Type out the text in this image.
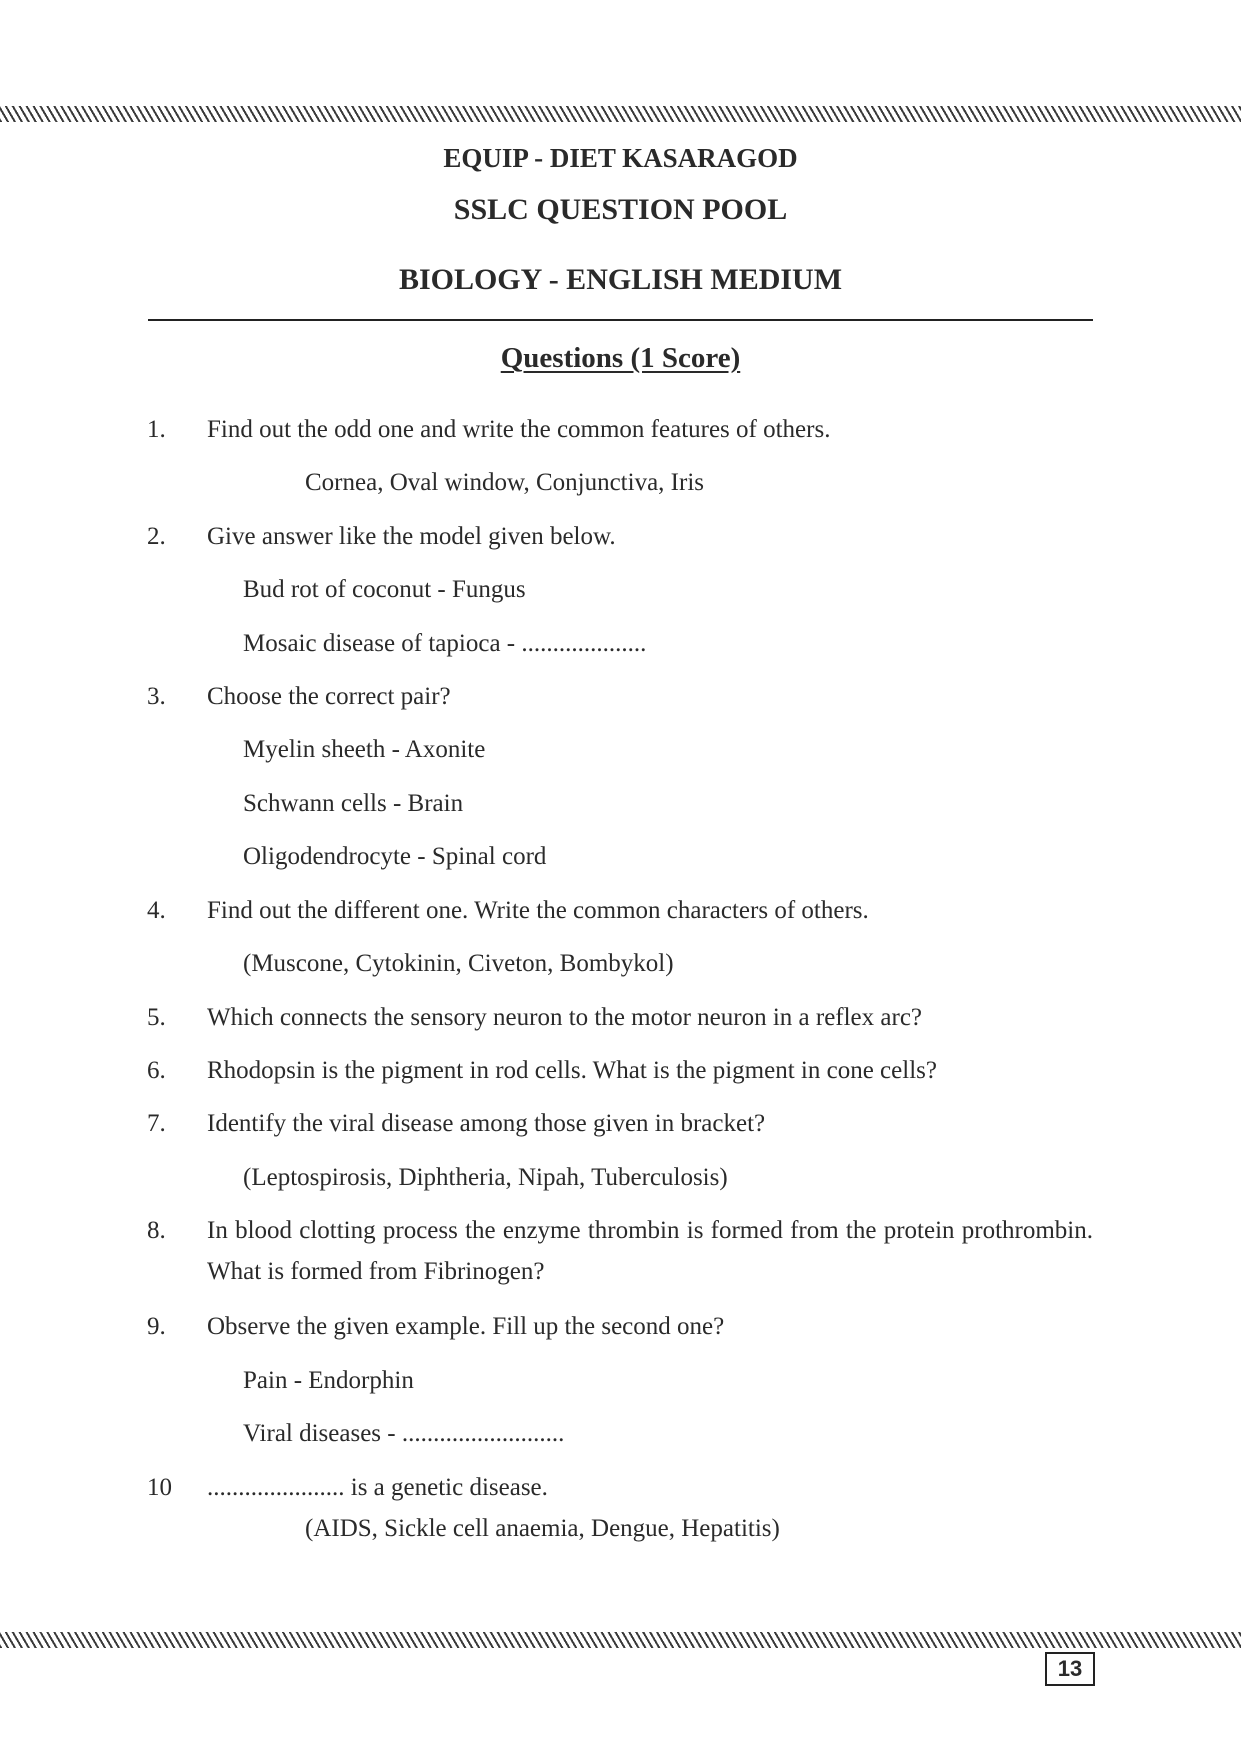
EQUIP - DIET KASARAGOD
SSLC QUESTION POOL
BIOLOGY - ENGLISH MEDIUM
Questions (1 Score)
1. Find out the odd one and write the common features of others.
Cornea, Oval window, Conjunctiva, Iris
2. Give answer like the model given below.
Bud rot of coconut - Fungus
Mosaic disease of tapioca - ....................
3. Choose the correct pair?
Myelin sheeth - Axonite
Schwann cells - Brain
Oligodendrocyte - Spinal cord
4. Find out the different one. Write the common characters of others.
(Muscone, Cytokinin, Civeton, Bombykol)
5. Which connects the sensory neuron to the motor neuron in a reflex arc?
6. Rhodopsin is the pigment in rod cells. What is the pigment in cone cells?
7. Identify the viral disease among those given in bracket?
(Leptospirosis, Diphtheria, Nipah, Tuberculosis)
8. In blood clotting process the enzyme thrombin is formed from the protein prothrombin. What is formed from Fibrinogen?
9. Observe the given example. Fill up the second one?
Pain - Endorphin
Viral diseases - ..........................
10 ...................... is a genetic disease.
(AIDS, Sickle cell anaemia, Dengue, Hepatitis)
13
